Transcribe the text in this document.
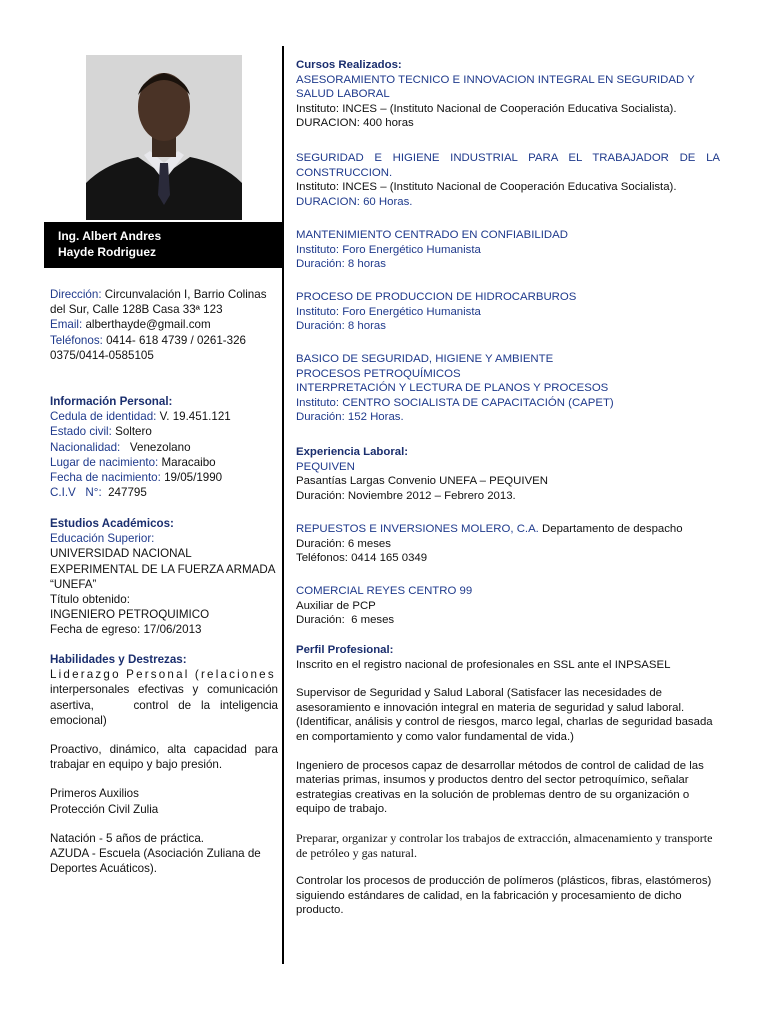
Ing. Albert Andres
Hayde Rodriguez

Dirección: Circunvalación I, Barrio Colinas del Sur, Calle 128B Casa 33ª 123

Email: alberthayde@gmail.com

Teléfonos: 0414- 618 4739 / 0261-326 0375/0414-0585105

Información Personal:

Cedula de identidad: V. 19.451.121

Estado civil: Soltero

Nacionalidad:   Venezolano

Lugar de nacimiento: Maracaibo

Fecha de nacimiento: 19/05/1990

C.I.V   N°:  247795

Estudios Académicos:

Educación Superior:

UNIVERSIDAD NACIONAL

EXPERIMENTAL DE LA FUERZA ARMADA

“UNEFA”

Título obtenido:

INGENIERO PETROQUIMICO

Fecha de egreso: 17/06/2013

Habilidades y Destrezas:

Liderazgo Personal (relaciones

interpersonales efectivas y comunicación asertiva,    control de la inteligencia emocional)

Proactivo, dinámico, alta capacidad para trabajar en equipo y bajo presión.

Primeros Auxilios

Protección Civil Zulia

Natación - 5 años de práctica.

AZUDA - Escuela (Asociación Zuliana de Deportes Acuáticos).

Cursos Realizados:

ASESORAMIENTO TECNICO E INNOVACION INTEGRAL EN SEGURIDAD Y SALUD LABORAL

Instituto: INCES – (Instituto Nacional de Cooperación Educativa Socialista).

DURACION: 400 horas

SEGURIDAD E HIGIENE INDUSTRIAL PARA EL TRABAJADOR DE LA CONSTRUCCION.

Instituto: INCES – (Instituto Nacional de Cooperación Educativa Socialista).

DURACION: 60 Horas.

MANTENIMIENTO CENTRADO EN CONFIABILIDAD

Instituto: Foro Energético Humanista

Duración: 8 horas

PROCESO DE PRODUCCION DE HIDROCARBUROS

Instituto: Foro Energético Humanista

Duración: 8 horas

BASICO DE SEGURIDAD, HIGIENE Y AMBIENTE

PROCESOS PETROQUÍMICOS

INTERPRETACIÓN Y LECTURA DE PLANOS Y PROCESOS

Instituto: CENTRO SOCIALISTA DE CAPACITACIÓN (CAPET)

Duración: 152 Horas.

Experiencia Laboral:

PEQUIVEN

Pasantías Largas Convenio UNEFA – PEQUIVEN

Duración: Noviembre 2012 – Febrero 2013.

REPUESTOS E INVERSIONES MOLERO, C.A. Departamento de despacho

Duración: 6 meses

Teléfonos: 0414 165 0349

COMERCIAL REYES CENTRO 99

Auxiliar de PCP

Duración:  6 meses

Perfil Profesional:

Inscrito en el registro nacional de profesionales en SSL ante el INPSASEL

Supervisor de Seguridad y Salud Laboral (Satisfacer las necesidades de asesoramiento e innovación integral en materia de seguridad y salud laboral. (Identificar, análisis y control de riesgos, marco legal, charlas de seguridad basada en comportamiento y como valor fundamental de vida.)

Ingeniero de procesos capaz de desarrollar métodos de control de calidad de las materias primas, insumos y productos dentro del sector petroquímico, señalar estrategias creativas en la solución de problemas dentro de su organización o equipo de trabajo.

Preparar, organizar y controlar los trabajos de extracción, almacenamiento y transporte de petróleo y gas natural.

Controlar los procesos de producción de polímeros (plásticos, fibras, elastómeros) siguiendo estándares de calidad, en la fabricación y procesamiento de dicho producto.
